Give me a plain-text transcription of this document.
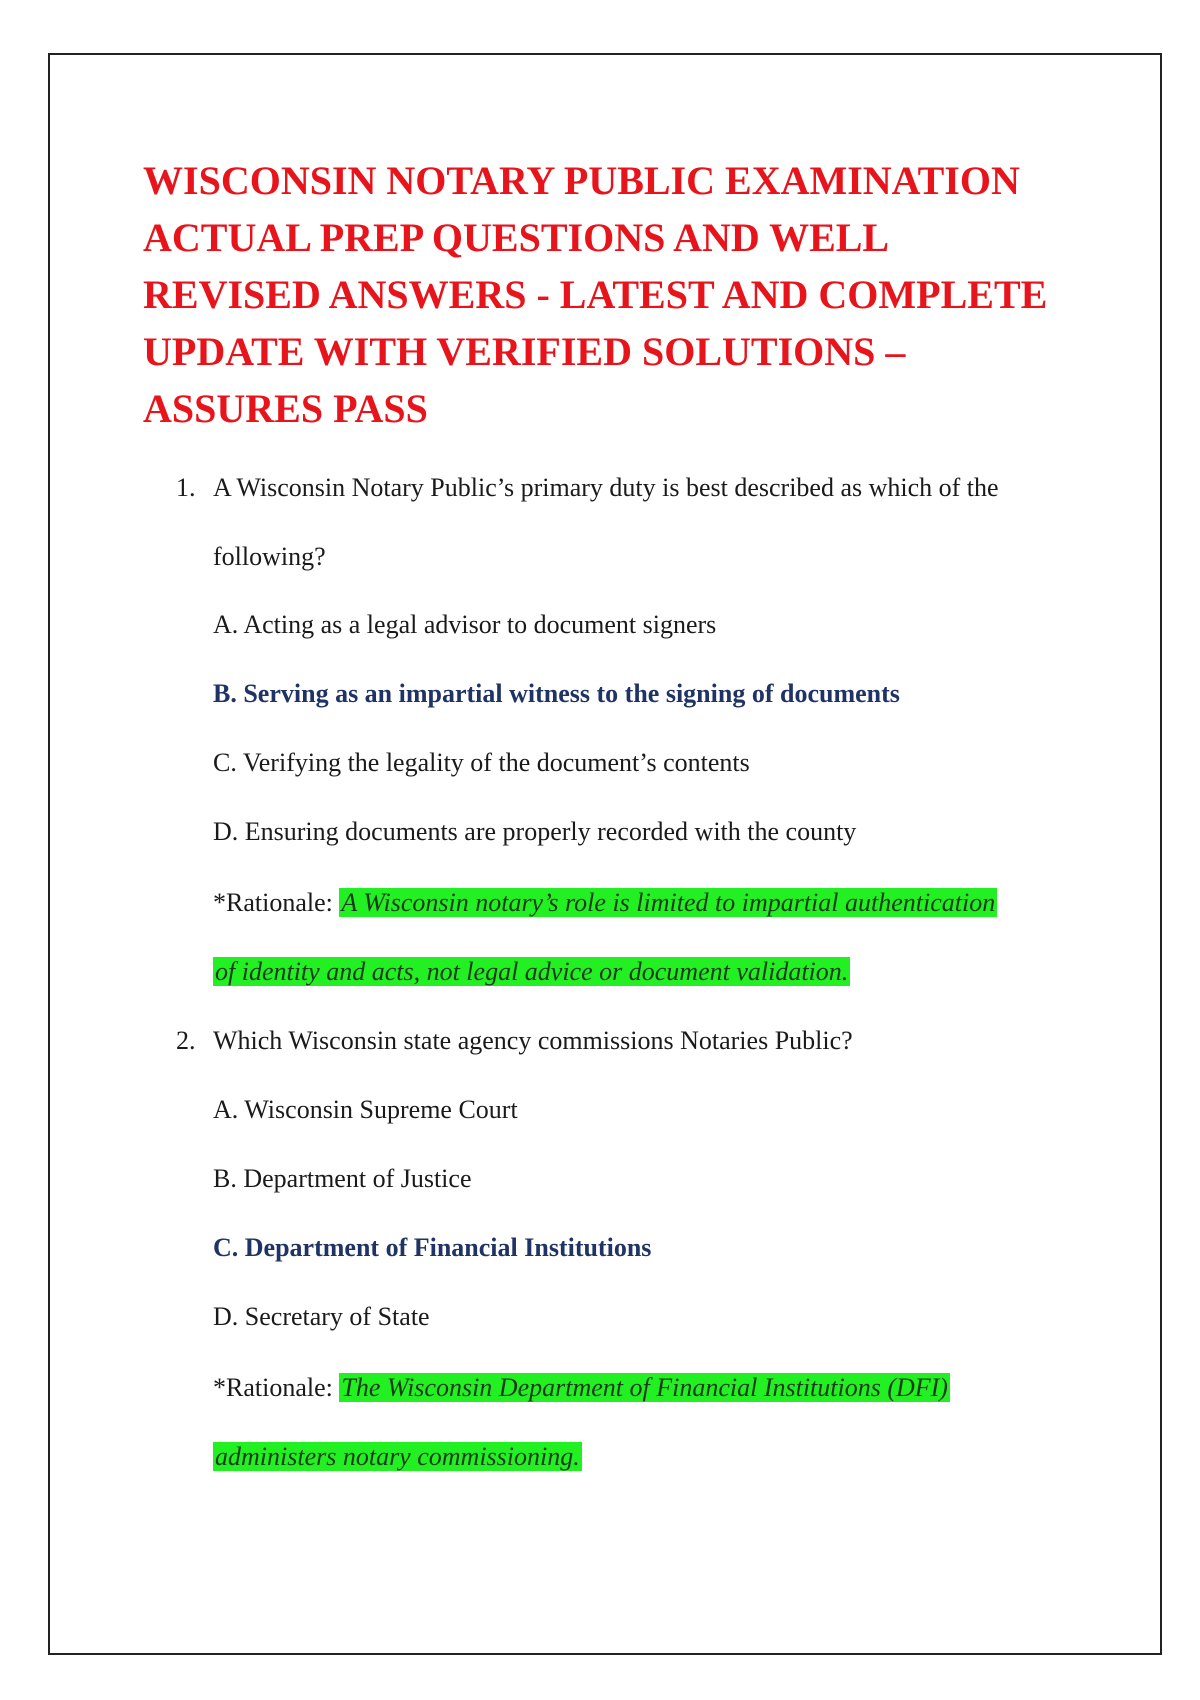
WISCONSIN NOTARY PUBLIC EXAMINATION
ACTUAL PREP QUESTIONS AND WELL
REVISED ANSWERS - LATEST AND COMPLETE
UPDATE WITH VERIFIED SOLUTIONS –
ASSURES PASS
1. A Wisconsin Notary Public’s primary duty is best described as which of the
following?
A. Acting as a legal advisor to document signers
B. Serving as an impartial witness to the signing of documents
C. Verifying the legality of the document’s contents
D. Ensuring documents are properly recorded with the county
*Rationale: A Wisconsin notary’s role is limited to impartial authentication
of identity and acts, not legal advice or document validation.
2. Which Wisconsin state agency commissions Notaries Public?
A. Wisconsin Supreme Court
B. Department of Justice
C. Department of Financial Institutions
D. Secretary of State
*Rationale: The Wisconsin Department of Financial Institutions (DFI)
administers notary commissioning.
